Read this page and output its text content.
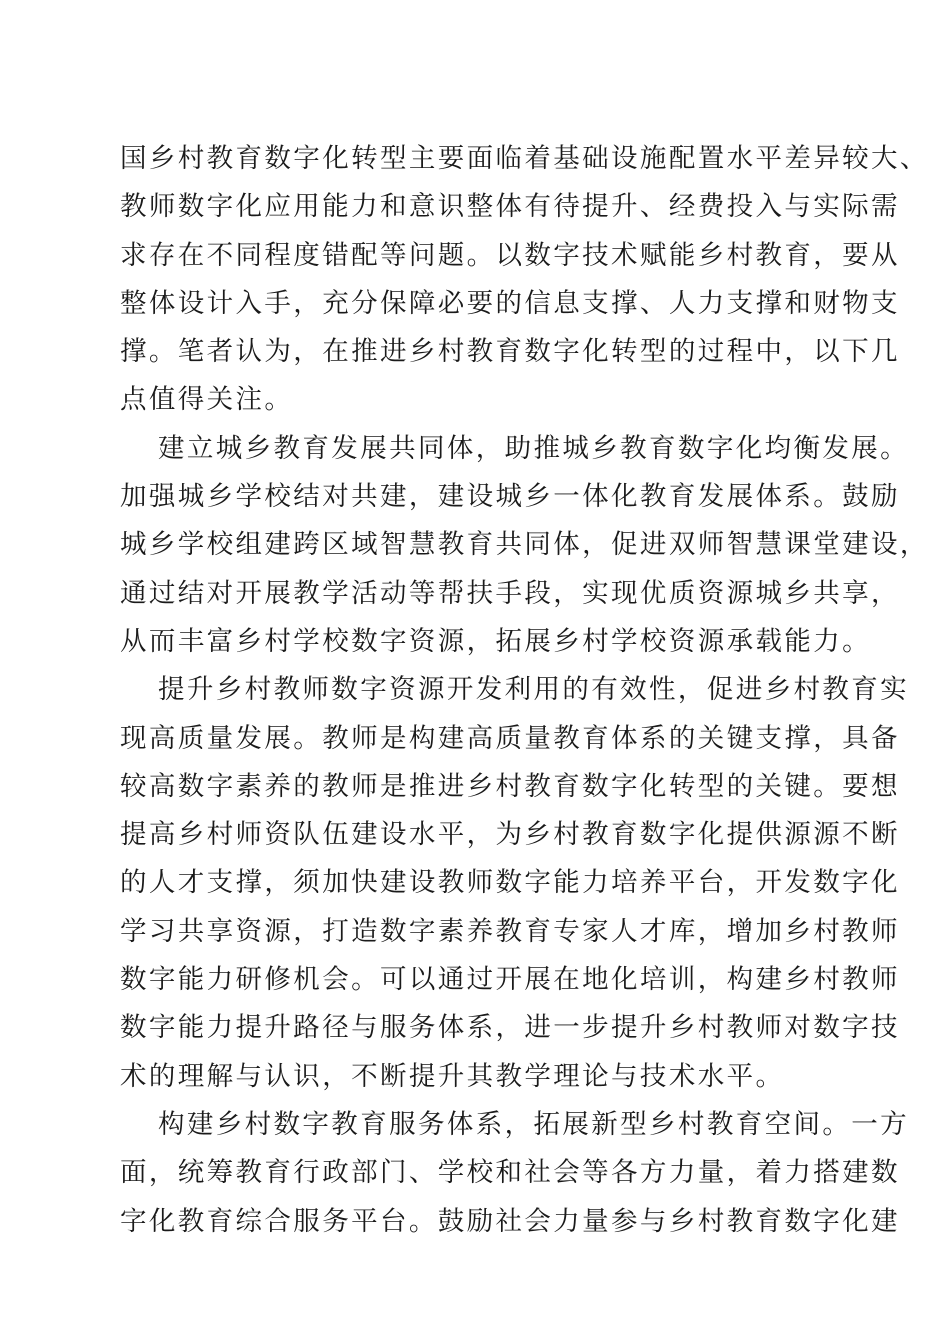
国乡村教育数字化转型主要面临着基础设施配置水平差异较大、
教师数字化应用能力和意识整体有待提升、经费投入与实际需
求存在不同程度错配等问题。以数字技术赋能乡村教育，要从
整体设计入手，充分保障必要的信息支撑、人力支撑和财物支
撑。笔者认为，在推进乡村教育数字化转型的过程中，以下几
点值得关注。
建立城乡教育发展共同体，助推城乡教育数字化均衡发展。
加强城乡学校结对共建，建设城乡一体化教育发展体系。鼓励
城乡学校组建跨区域智慧教育共同体，促进双师智慧课堂建设，
通过结对开展教学活动等帮扶手段，实现优质资源城乡共享，
从而丰富乡村学校数字资源，拓展乡村学校资源承载能力。
提升乡村教师数字资源开发利用的有效性，促进乡村教育实
现高质量发展。教师是构建高质量教育体系的关键支撑，具备
较高数字素养的教师是推进乡村教育数字化转型的关键。要想
提高乡村师资队伍建设水平，为乡村教育数字化提供源源不断
的人才支撑，须加快建设教师数字能力培养平台，开发数字化
学习共享资源，打造数字素养教育专家人才库，增加乡村教师
数字能力研修机会。可以通过开展在地化培训，构建乡村教师
数字能力提升路径与服务体系，进一步提升乡村教师对数字技
术的理解与认识，不断提升其教学理论与技术水平。
构建乡村数字教育服务体系，拓展新型乡村教育空间。一方
面，统筹教育行政部门、学校和社会等各方力量，着力搭建数
字化教育综合服务平台。鼓励社会力量参与乡村教育数字化建
